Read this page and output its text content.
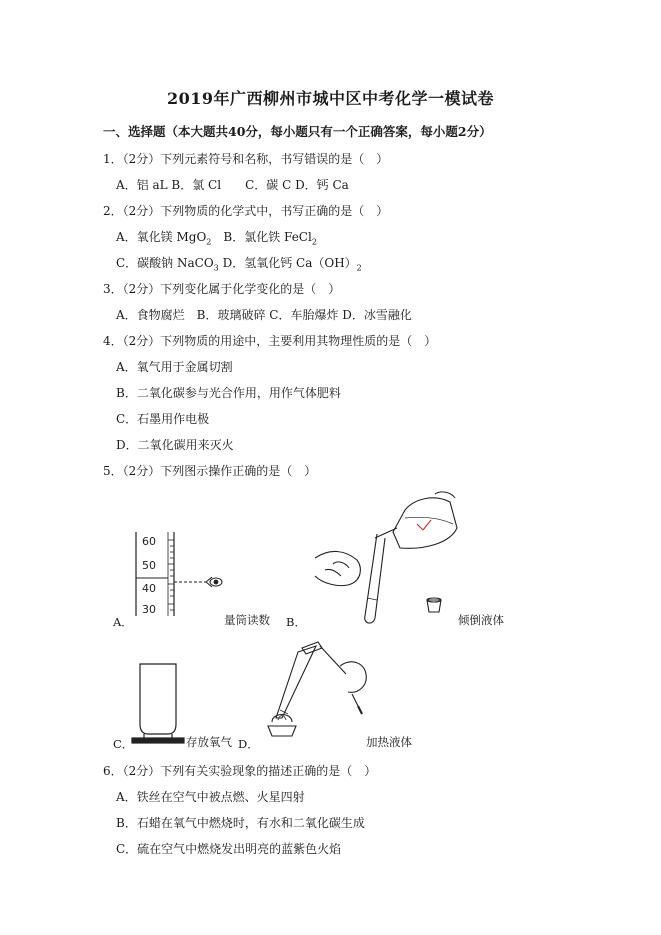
2019年广西柳州市城中区中考化学一模试卷
一、选择题（本大题共40分，每小题只有一个正确答案，每小题2分）
1．（2分）下列元素符号和名称，书写错误的是（　）
A．铝 aL B．氯 Cl　　C．碳 C D．钙 Ca
2．（2分）下列物质的化学式中，书写正确的是（　）
A．氧化镁 MgO$_2$　B．氯化铁 FeCl$_2$
C．碳酸钠 NaCO$_3$ D．氢氧化钙 $Ca(OH)_2$
3．（2分）下列变化属于化学变化的是（　）
A．食物腐烂　B．玻璃破碎 C．车胎爆炸 D．冰雪融化
4．（2分）下列物质的用途中，主要利用其物理性质的是（　）
A．氧气用于金属切割
B．二氧化碳参与光合作用，用作气体肥料
C．石墨用作电极
D．二氧化碳用来灭火
5．（2分）下列图示操作正确的是（　）
60
50
40
30
A．	量筒读数 B．	倾倒液体
C．	存放氧气 D．	加热液体
6．（2分）下列有关实验现象的描述正确的是（　）
A．铁丝在空气中被点燃、火星四射
B．石蜡在氧气中燃烧时，有水和二氧化碳生成
C．硫在空气中燃烧发出明亮的蓝紫色火焰
